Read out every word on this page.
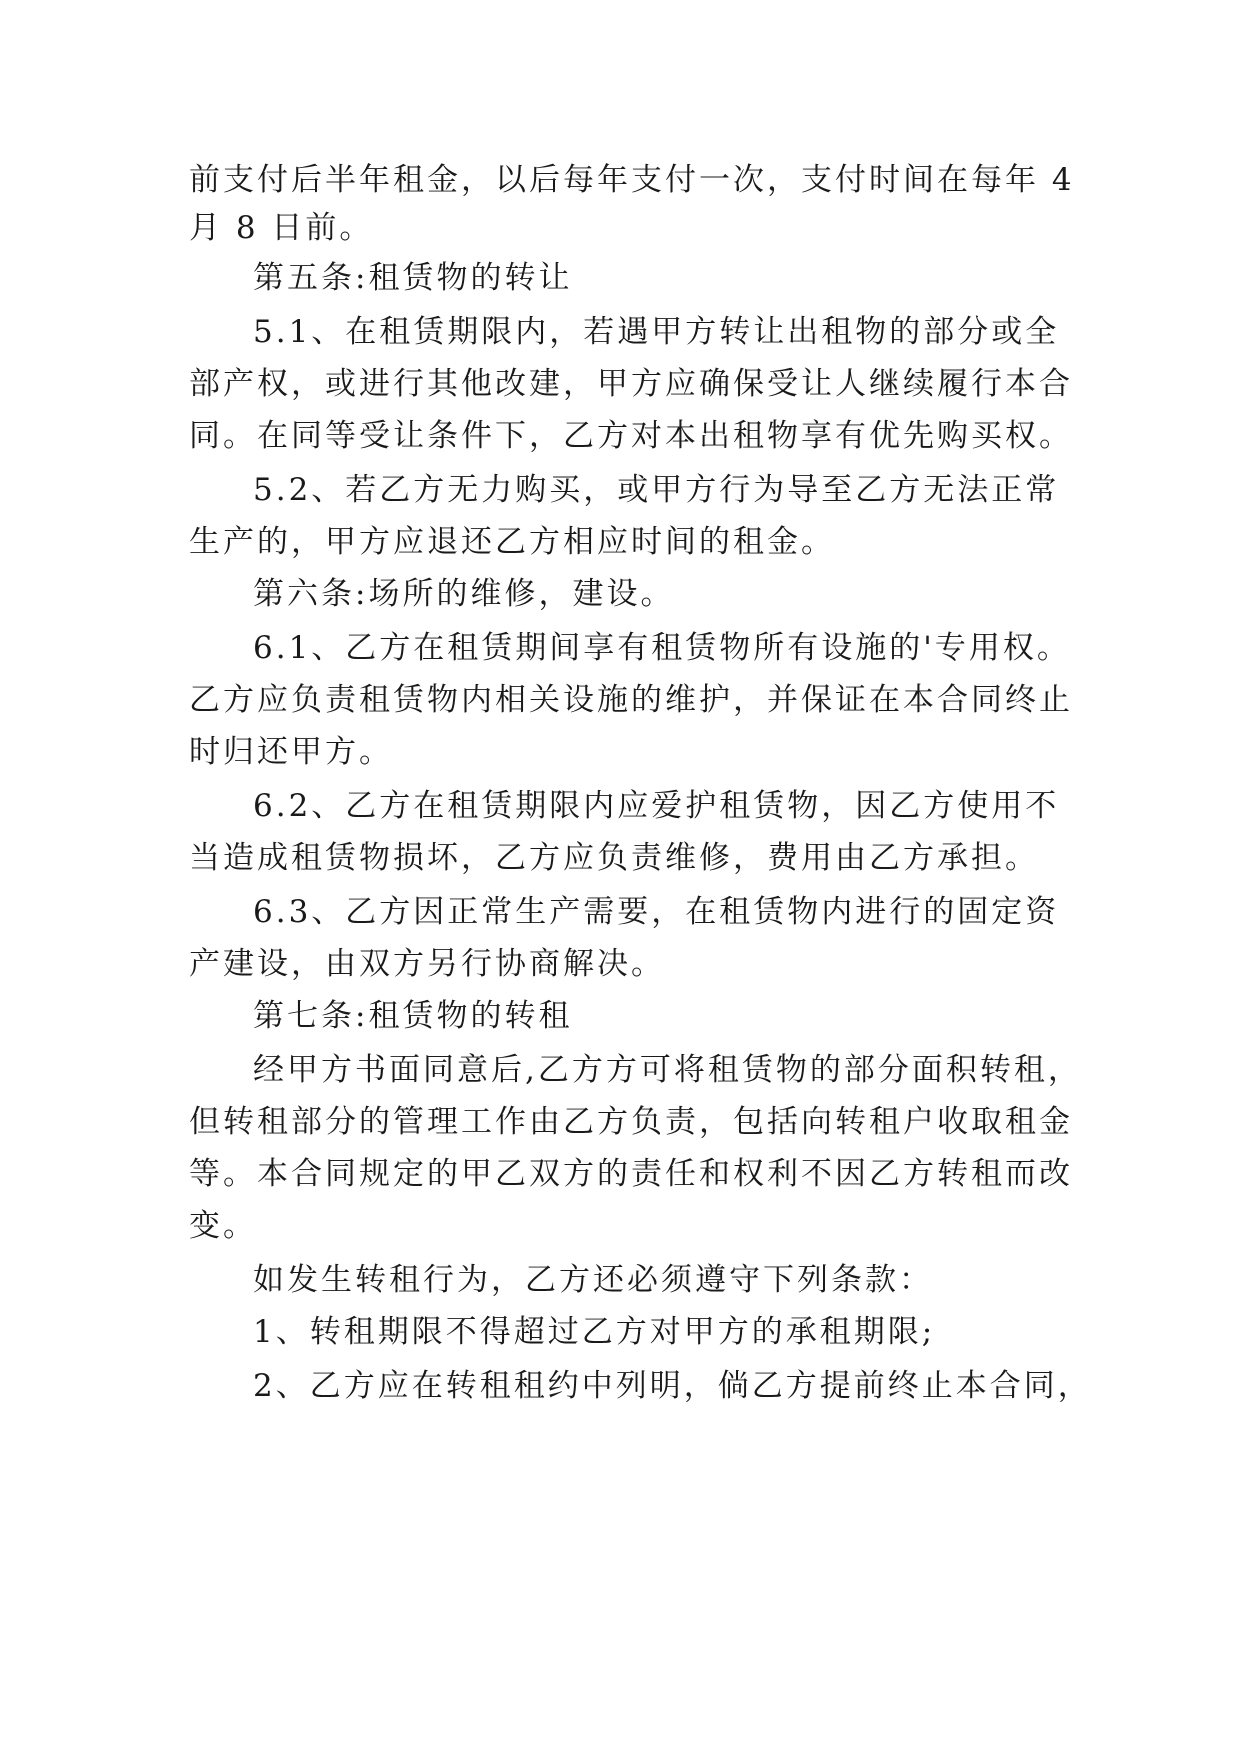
前支付后半年租金，以后每年支付一次，支付时间在每年 4
月 8 日前。
第五条:租赁物的转让
5.1、在租赁期限内，若遇甲方转让出租物的部分或全
部产权，或进行其他改建，甲方应确保受让人继续履行本合
同。在同等受让条件下，乙方对本出租物享有优先购买权。
5.2、若乙方无力购买，或甲方行为导至乙方无法正常
生产的，甲方应退还乙方相应时间的租金。
第六条:场所的维修，建设。
6.1、乙方在租赁期间享有租赁物所有设施的'专用权。
乙方应负责租赁物内相关设施的维护，并保证在本合同终止
时归还甲方。
6.2、乙方在租赁期限内应爱护租赁物，因乙方使用不
当造成租赁物损坏，乙方应负责维修，费用由乙方承担。
6.3、乙方因正常生产需要，在租赁物内进行的固定资
产建设，由双方另行协商解决。
第七条:租赁物的转租
经甲方书面同意后,乙方方可将租赁物的部分面积转租，
但转租部分的管理工作由乙方负责，包括向转租户收取租金
等。本合同规定的甲乙双方的责任和权利不因乙方转租而改
变。
如发生转租行为，乙方还必须遵守下列条款：
1、转租期限不得超过乙方对甲方的承租期限;
2、乙方应在转租租约中列明，倘乙方提前终止本合同，
